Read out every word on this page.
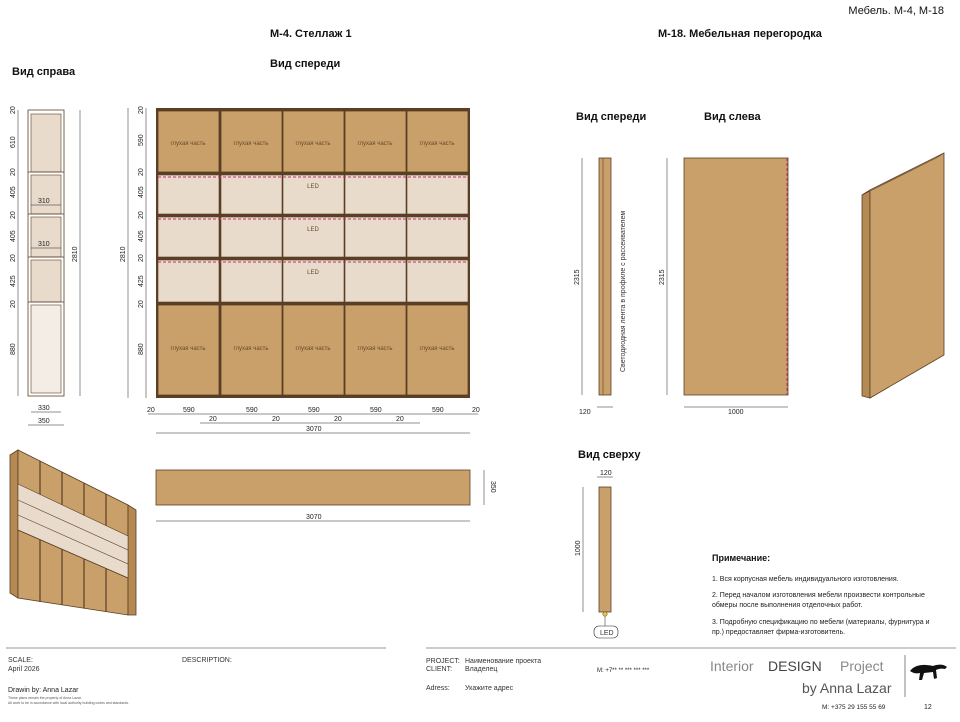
Мебель. М-4, М-18
М-4. Стеллаж 1	М-18. Мебельная перегородка
Вид справа
310
310
20
610
20
405
20
405
20
425
20
880
2810
330
350
Вид спереди
глухая часть	глухая часть	глухая часть	глухая часть	глухая часть
LED
LED
LED
глухая часть	глухая часть	глухая часть	глухая часть	глухая часть
20
590
20
405
20
405
20
425
20
880
2810
20	590	590	590	590	590	20
20	20	20	20
3070
3070
350
Вид спереди
2315	Светодиодная лента в профиле с рассеивателем
120
Вид слева
2315
1000
Вид сверху
120
1000
LED
Примечание:
1. Вся корпусная мебель индивидуального изготовления.
2. Перед началом изготовления мебели произвести контрольные
обмеры после выполнения отделочных работ.
3. Подробную спецификацию по мебели (материалы, фурнитура и
пр.) предоставляет фирма-изготовитель.
SCALE:
April 2026
DESCRIPTION:
Drawin by: Anna Lazar
These plans remain the property of Anna Lazar.
All work to be in accordance with local authority building codes and standards.
PROJECT: Наименование проекта
CLIENT: Владелец
Adress: Укажите адрес
M: +7** ** *** *** ***	Interior DESIGN Project
by Anna Lazar
M: +375 29 155 55 69	12
